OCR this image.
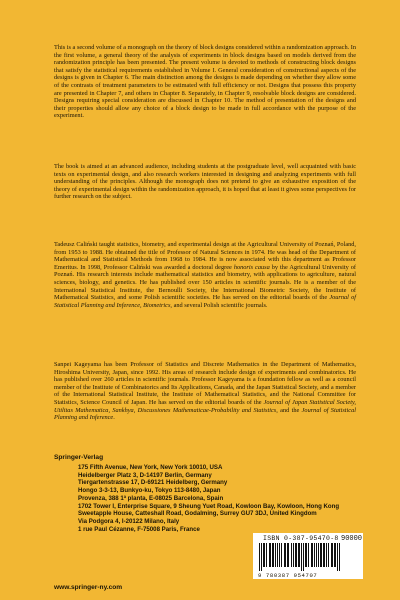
This is a second volume of a monograph on the theory of block designs considered within a randomization approach. In the first volume, a general theory of the analysis of experiments in block designs based on models derived from the randomization principle has been presented. The present volume is devoted to methods of constructing block designs that satisfy the statistical requirements established in Volume I. General consideration of constructional aspects of the designs is given in Chapter 6. The main distinction among the designs is made depending on whether they allow some of the contrasts of treatment parameters to be estimated with full efficiency or not. Designs that possess this property are presented in Chapter 7, and others in Chapter 8. Separately, in Chapter 9, resolvable block designs are considered. Designs requiring special consideration are discussed in Chapter 10. The method of presentation of the designs and their properties should allow any choice of a block design to be made in full accordance with the purpose of the experiment.

The book is aimed at an advanced audience, including students at the postgraduate level, well acquainted with basic texts on experimental design, and also research workers interested in designing and analyzing experiments with full understanding of the principles. Although the monograph does not pretend to give an exhaustive exposition of the theory of experimental design within the randomization approach, it is hoped that at least it gives some perspectives for further research on the subject.

Tadeusz Caliński taught statistics, biometry, and experimental design at the Agricultural University of Poznań, Poland, from 1953 to 1988. He obtained the title of Professor of Natural Sciences in 1974. He was head of the Department of Mathematical and Statistical Methods from 1968 to 1984. He is now associated with this department as Professor Emeritus. In 1998, Professor Caliński was awarded a doctoral degree honoris causa by the Agricultural University of Poznań. His research interests include mathematical statistics and biometry, with applications to agriculture, natural sciences, biology, and genetics. He has published over 150 articles in scientific journals. He is a member of the International Statistical Institute, the Bernoulli Society, the International Biometric Society, the Institute of Mathematical Statistics, and some Polish scientific societies. He has served on the editorial boards of the Journal of Statistical Planning and Inference, Biometrics, and several Polish scientific journals.

Sanpei Kageyama has been Professor of Statistics and Discrete Mathematics in the Department of Mathematics, Hiroshima University, Japan, since 1992. His areas of research include design of experiments and combinatorics. He has published over 260 articles in scientific journals. Professor Kageyama is a foundation fellow as well as a council member of the Institute of Combinatorics and Its Applications, Canada, and the Japan Statistical Society, and a member of the International Statistical Institute, the Institute of Mathematical Statistics, and the National Committee for Statistics, Science Council of Japan. He has served on the editorial boards of the Journal of Japan Statistical Society, Utilitas Mathematica, Sankhya, Discussiones Mathematicae-Probability and Statistics, and the Journal of Statistical Planning and Inference.

Springer-Verlag
175 Fifth Avenue, New York, New York 10010, USA
Heidelberger Platz 3, D-14197 Berlin, Germany
Tiergartenstrasse 17, D-69121 Heidelberg, Germany
Hongo 3-3-13, Bunkyo-ku, Tokyo 113-8480, Japan
Provenza, 388 1ª planta, E-08025 Barcelona, Spain
1702 Tower I, Enterprise Square, 9 Sheung Yuet Road, Kowloon Bay, Kowloon, Hong Kong
Sweetapple House, Catteshall Road, Godalming, Surrey GU7 3DJ, United Kingdom
Via Podgora 4, I-20122 Milano, Italy
1 rue Paul Cézanne, F-75008 Paris, France
ISBN 0-387-95470-8 90000
9 780387 954707
www.springer-ny.com
